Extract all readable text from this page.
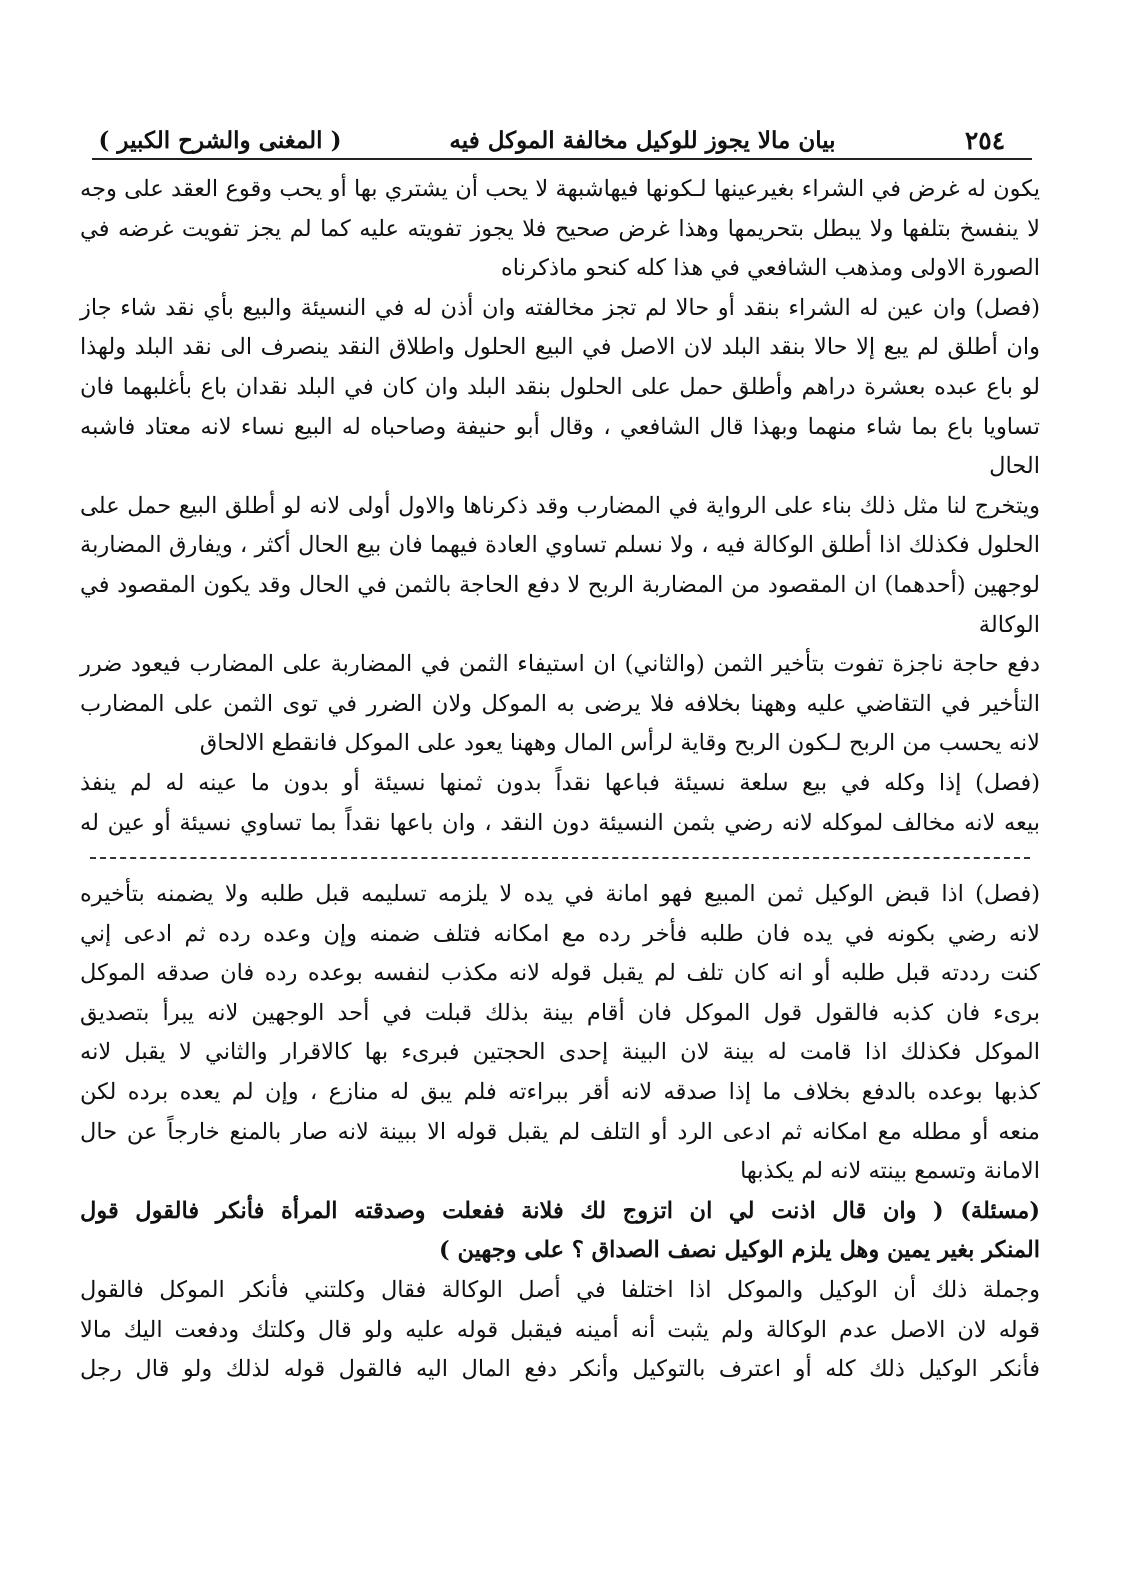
٢٥٤
بيان مالا يجوز للوكيل مخالفة الموكل فيه
( المغنى والشرح الكبير )

يكون له غرض في الشراء بغيرعينها لـكونها فيهاشبهة لا يحب أن يشتري بها أو يحب وقوع العقد على وجه

لا ينفسخ بتلفها ولا يبطل بتحريمها وهذا غرض صحيح فلا يجوز تفويته عليه كما لم يجز تفويت غرضه في

الصورة الاولى ومذهب الشافعي في هذا كله كنحو ماذكرناه

(فصل) وان عين له الشراء بنقد أو حالا لم تجز مخالفته وان أذن له في النسيئة والبيع بأي نقد شاء جاز

وان أطلق لم يبع إلا حالا بنقد البلد لان الاصل في البيع الحلول واطلاق النقد ينصرف الى نقد البلد ولهذا

لو باع عبده بعشرة دراهم وأطلق حمل على الحلول بنقد البلد وان كان في البلد نقدان باع بأغلبهما فان

تساويا باع بما شاء منهما وبهذا قال الشافعي ، وقال أبو حنيفة وصاحباه له البيع نساء لانه معتاد فاشبه الحال

ويتخرج لنا مثل ذلك بناء على الرواية في المضارب وقد ذكرناها والاول أولى لانه لو أطلق البيع حمل على

الحلول فكذلك اذا أطلق الوكالة فيه ، ولا نسلم تساوي العادة فيهما فان بيع الحال أكثر ، ويفارق المضاربة

لوجهين (أحدهما) ان المقصود من المضاربة الربح لا دفع الحاجة بالثمن في الحال وقد يكون المقصود في الوكالة

دفع حاجة ناجزة تفوت بتأخير الثمن (والثاني) ان استيفاء الثمن في المضاربة على المضارب فيعود ضرر

التأخير في التقاضي عليه وههنا بخلافه فلا يرضى به الموكل ولان الضرر في توى الثمن على المضارب

لانه يحسب من الربح لـكون الربح وقاية لرأس المال وههنا يعود على الموكل فانقطع الالحاق

(فصل) إذا وكله في بيع سلعة نسيئة فباعها نقداً بدون ثمنها نسيئة أو بدون ما عينه له لم ينفذ

بيعه لانه مخالف لموكله لانه رضي بثمن النسيئة دون النقد ، وان باعها نقداً بما تساوي نسيئة أو عين له

(فصل) اذا قبض الوكيل ثمن المبيع فهو امانة في يده لا يلزمه تسليمه قبل طلبه ولا يضمنه بتأخيره

لانه رضي بكونه في يده فان طلبه فأخر رده مع امكانه فتلف ضمنه وإن وعده رده ثم ادعى إني

كنت رددته قبل طلبه أو انه كان تلف لم يقبل قوله لانه مكذب لنفسه بوعده رده فان صدقه الموكل

برىء فان كذبه فالقول قول الموكل فان أقام بينة بذلك قبلت في أحد الوجهين لانه يبرأ بتصديق

الموكل فكذلك اذا قامت له بينة لان البينة إحدى الحجتين فبرىء بها كالاقرار والثاني لا يقبل لانه

كذبها بوعده بالدفع بخلاف ما إذا صدقه لانه أقر ببراءته فلم يبق له منازع ، وإن لم يعده برده لكن

منعه أو مطله مع امكانه ثم ادعى الرد أو التلف لم يقبل قوله الا ببينة لانه صار بالمنع خارجاً عن حال

الامانة وتسمع بينته لانه لم يكذبها

(مسئلة) ( وان قال اذنت لي ان اتزوج لك فلانة ففعلت وصدقته المرأة فأنكر فالقول قول

المنكر بغير يمين وهل يلزم الوكيل نصف الصداق ؟ على وجهين )

وجملة ذلك أن الوكيل والموكل اذا اختلفا في أصل الوكالة فقال وكلتني فأنكر الموكل فالقول

قوله لان الاصل عدم الوكالة ولم يثبت أنه أمينه فيقبل قوله عليه ولو قال وكلتك ودفعت اليك مالا

فأنكر الوكيل ذلك كله أو اعترف بالتوكيل وأنكر دفع المال اليه فالقول قوله لذلك ولو قال رجل
